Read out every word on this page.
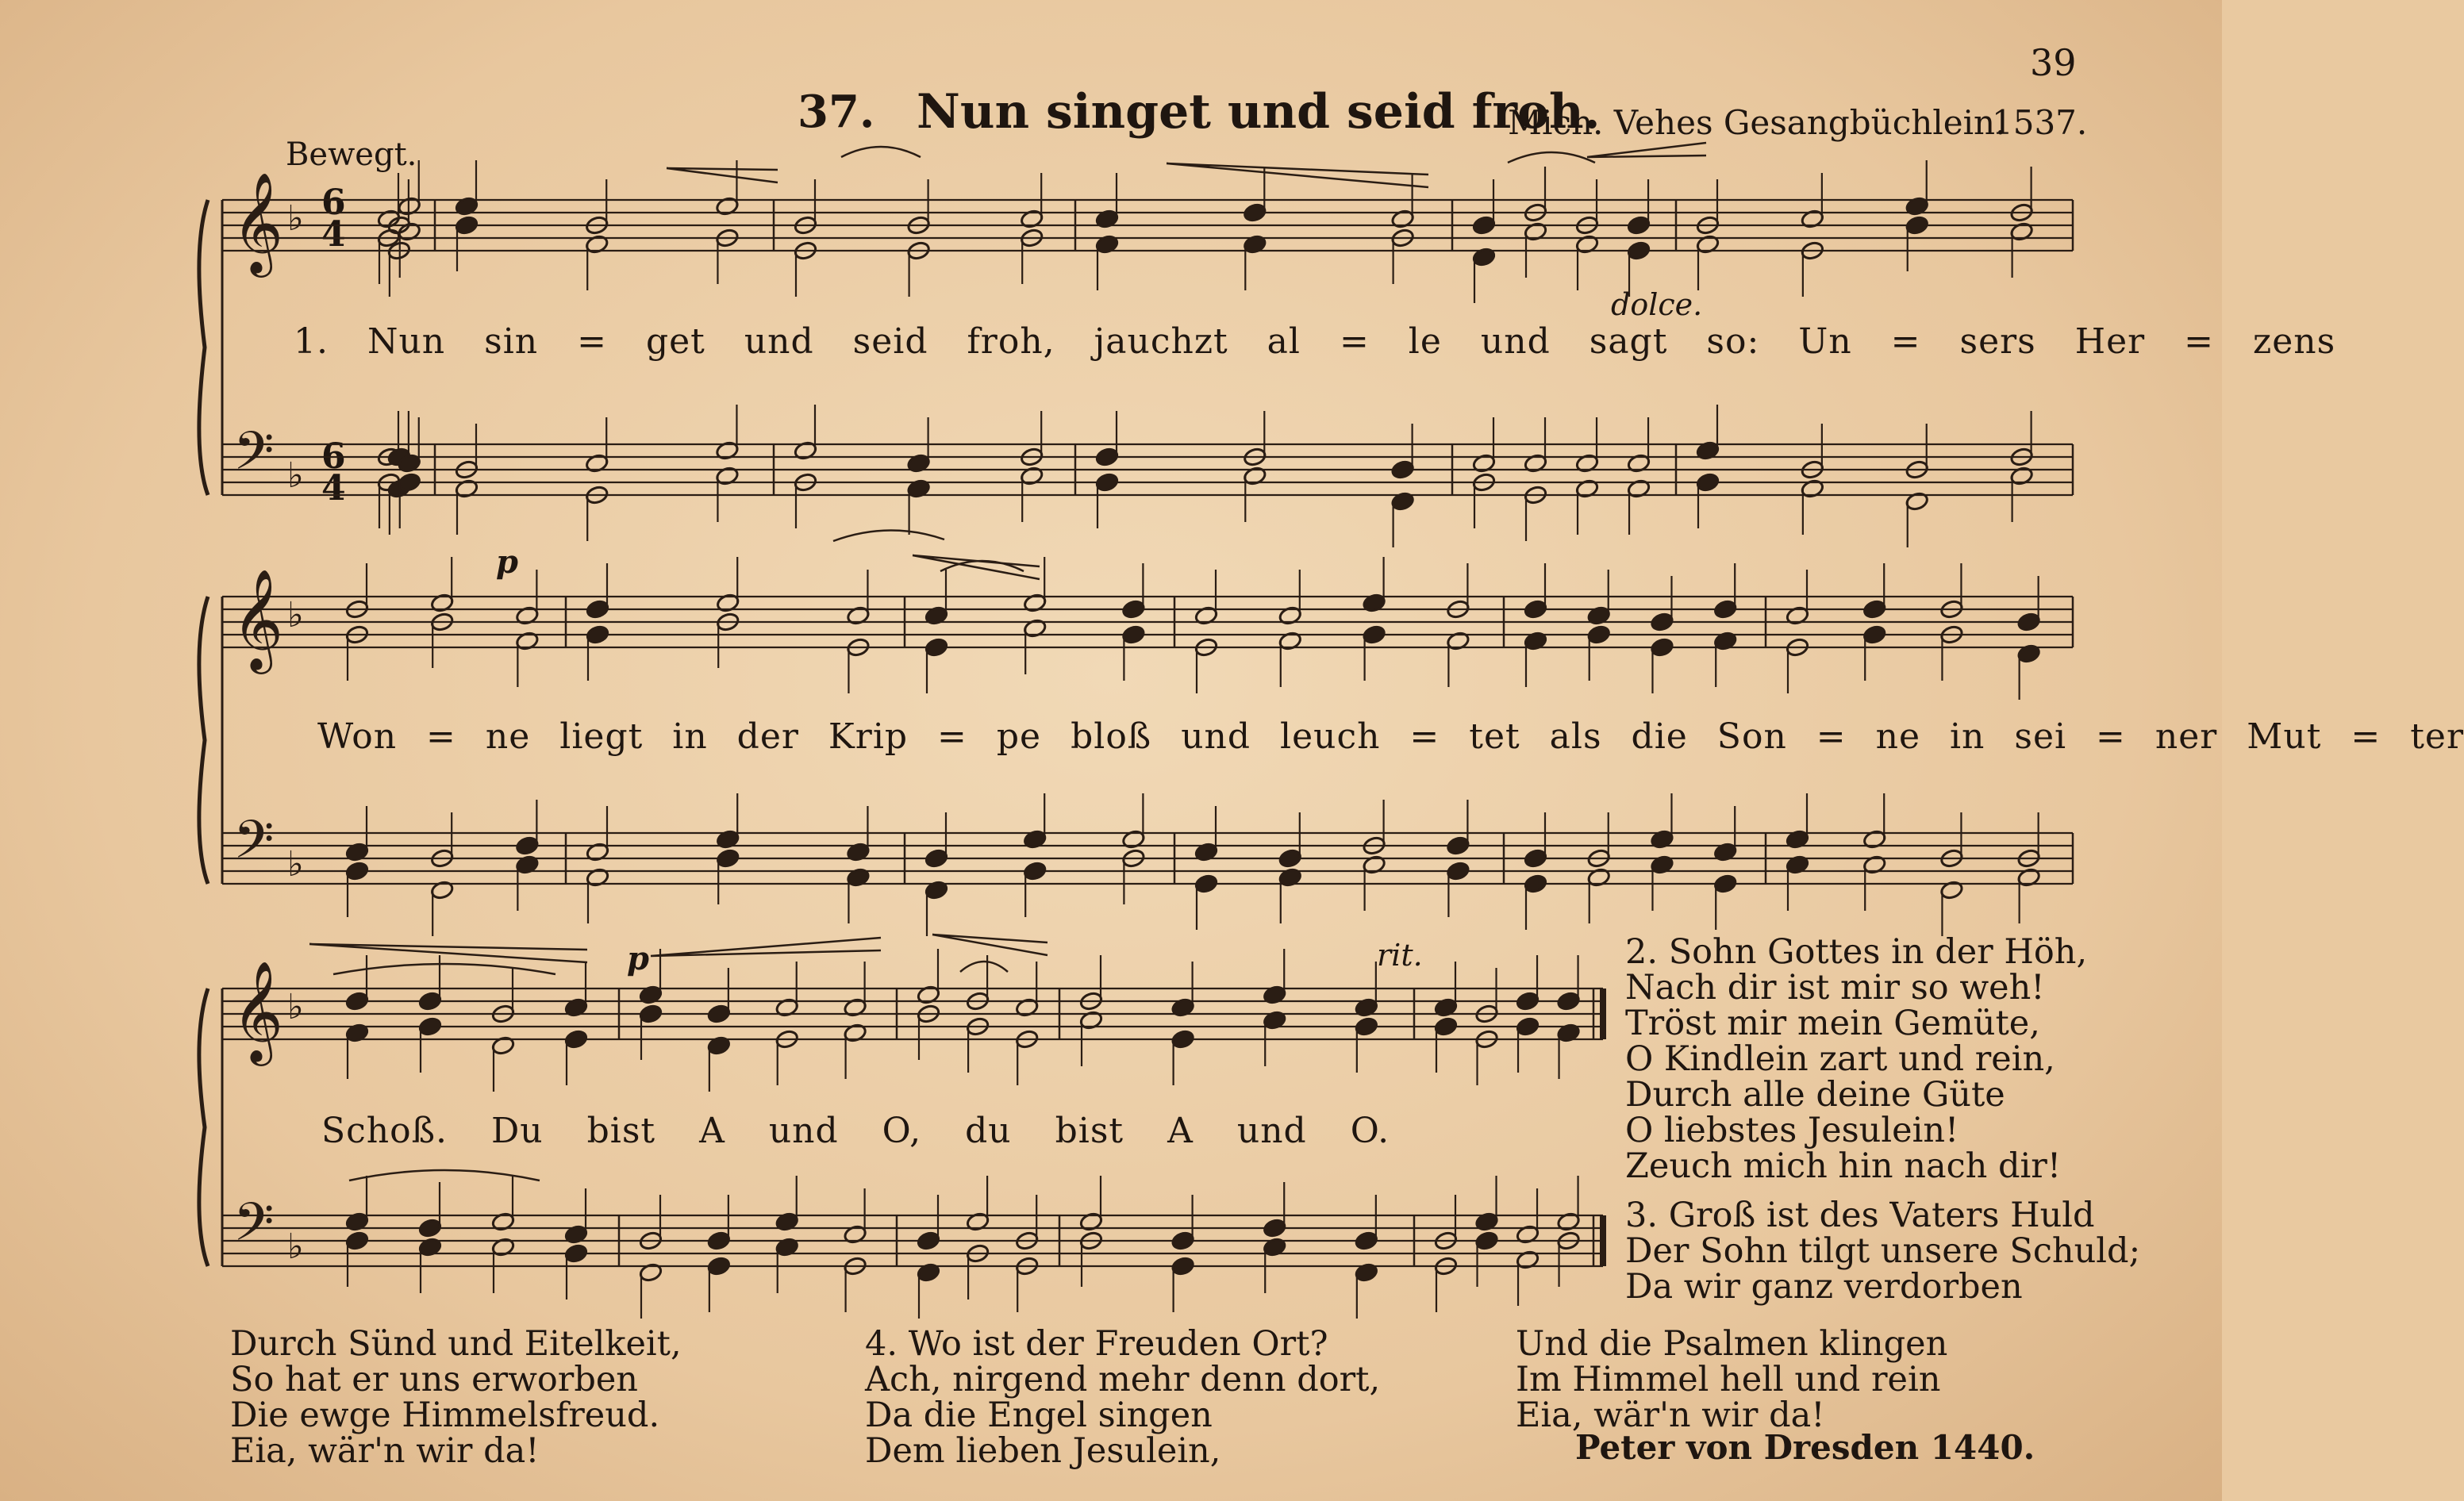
39
37. Nun singet und seid froh.
Mich. Vehes Gesangbüchlein.
1537.
Bewegt.
p
p
dolce.
rit.
6
4
6
4
𝄞
𝄢
♭
♭
𝄞
𝄢
♭
♭
𝄞
𝄢
♭
♭
1. Nun sin = get und seid froh, jauchzt al = le und sagt so: Un = sers Her = zens
Won = ne liegt in der Krip = pe bloß und leuch = tet als die Son = ne in sei = ner Mut = ter
Schoß. Du bist A und O, du bist A und O.
2. Sohn Gottes in der Höh,
Nach dir ist mir so weh!
Tröst mir mein Gemüte,
O Kindlein zart und rein,
Durch alle deine Güte
O liebstes Jesulein!
Zeuch mich hin nach dir!
3. Groß ist des Vaters Huld
Der Sohn tilgt unsere Schuld;
Da wir ganz verdorben
Durch Sünd und Eitelkeit,
So hat er uns erworben
Die ewge Himmelsfreud.
Eia, wär'n wir da!
4. Wo ist der Freuden Ort?
Ach, nirgend mehr denn dort,
Da die Engel singen
Dem lieben Jesulein,
Und die Psalmen klingen
Im Himmel hell und rein
Eia, wär'n wir da!
Peter von Dresden 1440.
